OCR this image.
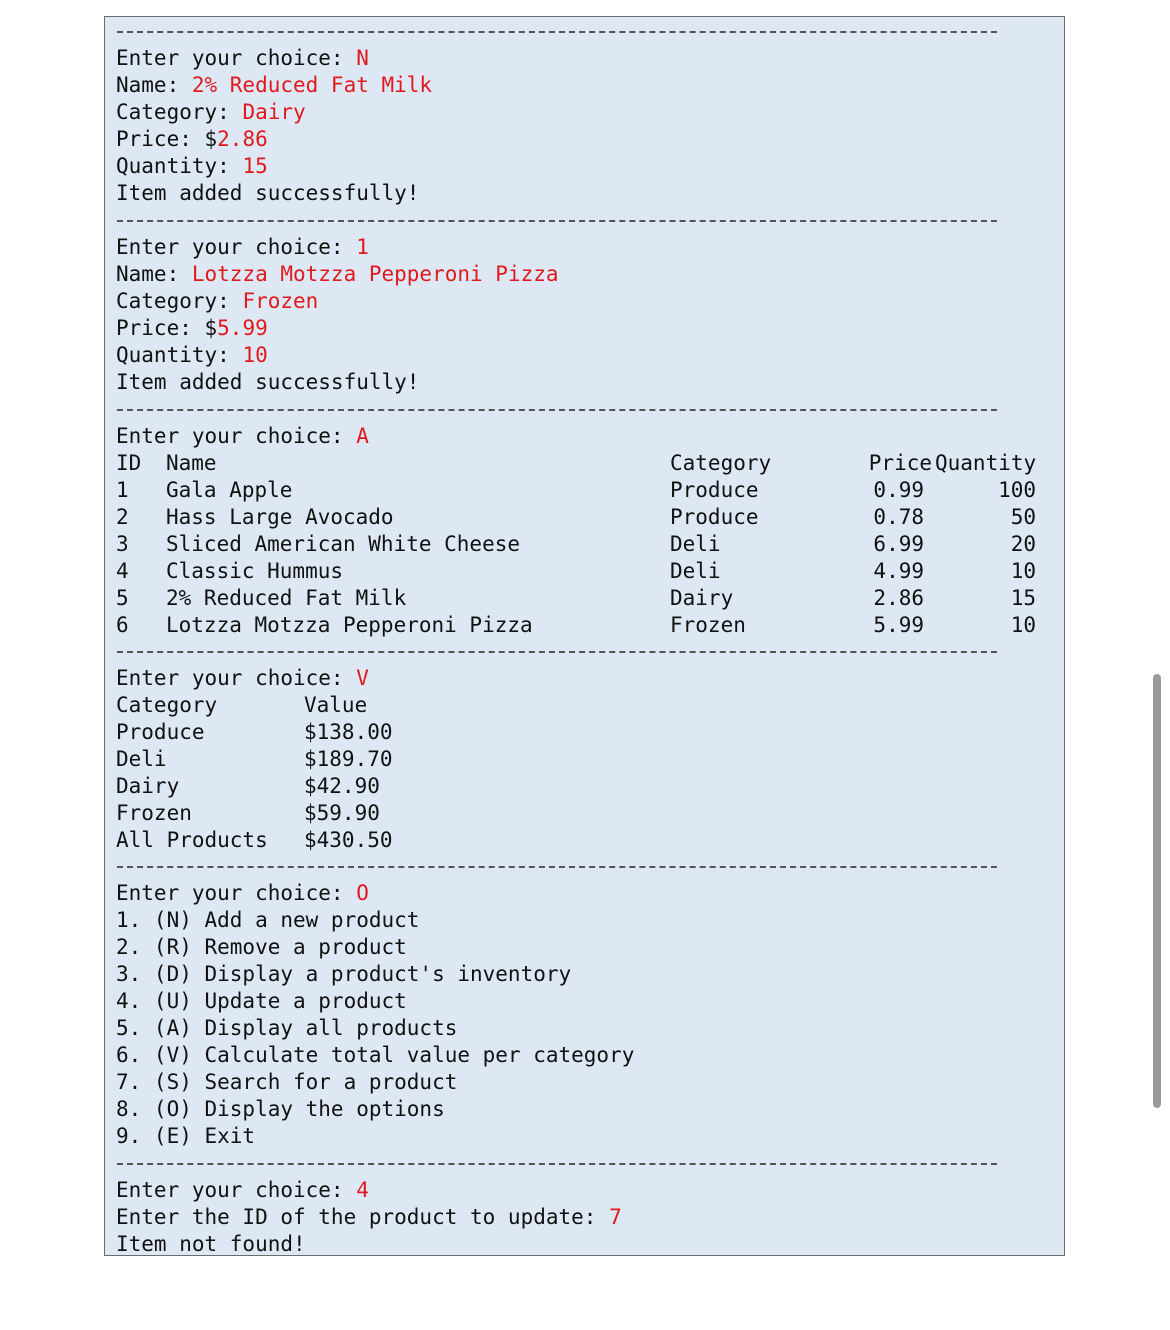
Enter your choice: N
Name: 2% Reduced Fat Milk
Category: Dairy
Price: $2.86
Quantity: 15
Item added successfully!
Enter your choice: 1
Name: Lotzza Motzza Pepperoni Pizza
Category: Frozen
Price: $5.99
Quantity: 10
Item added successfully!
Enter your choice: A
ID Name	Category	Price Quantity
1 Gala Apple	Produce	0.99	100
2 Hass Large Avocado	Produce	0.78	50
3 Sliced American White Cheese	Deli	6.99	20
4 Classic Hummus	Deli	4.99	10
5 2% Reduced Fat Milk	Dairy	2.86	15
6 Lotzza Motzza Pepperoni Pizza	Frozen	5.99	10
Enter your choice: V
Category	Value
Produce	$138.00
Deli	$189.70
Dairy	$42.90
Frozen	$59.90
All Products $430.50
Enter your choice: O
1. (N) Add a new product
2. (R) Remove a product
3. (D) Display a product's inventory
4. (U) Update a product
5. (A) Display all products
6. (V) Calculate total value per category
7. (S) Search for a product
8. (O) Display the options
9. (E) Exit
Enter your choice: 4
Enter the ID of the product to update: 7
Item not found!
